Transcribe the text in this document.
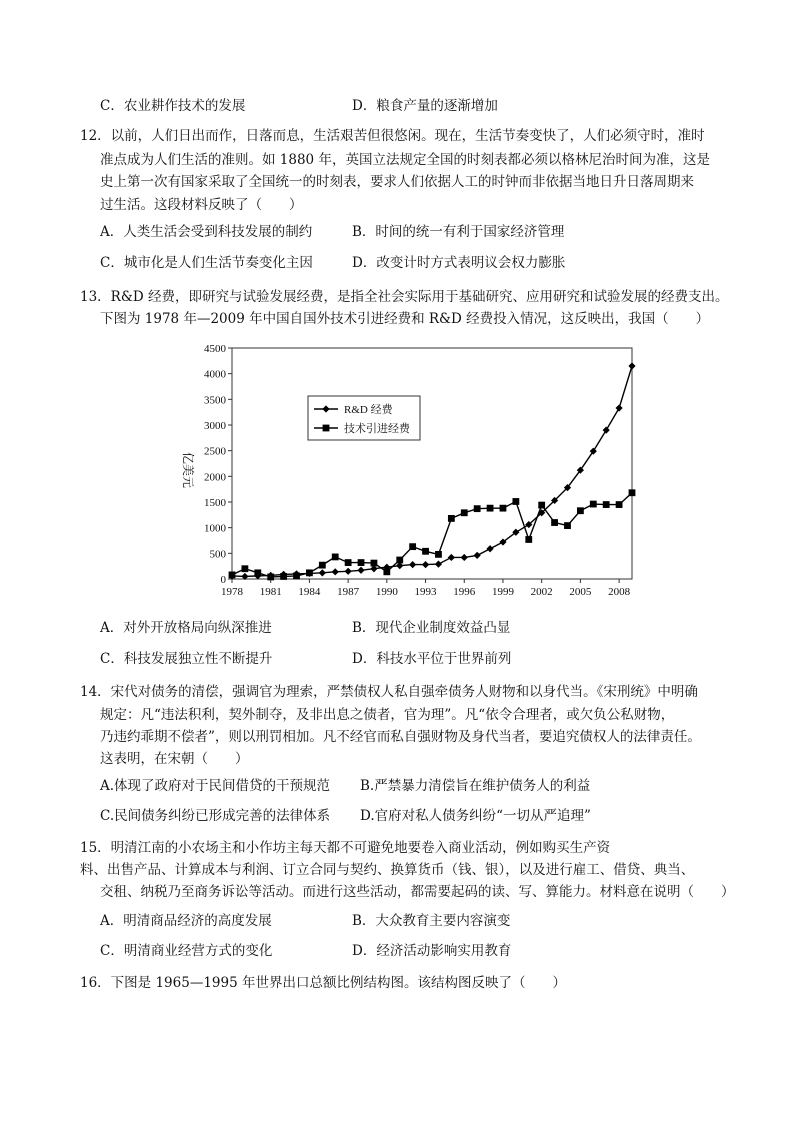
C．农业耕作技术的发展	D．粮食产量的逐渐增加
12．以前，人们日出而作，日落而息，生活艰苦但很悠闲。现在，生活节奏变快了，人们必须守时，准时
准点成为人们生活的准则。如 1880 年，英国立法规定全国的时刻表都必须以格林尼治时间为准，这是
史上第一次有国家采取了全国统一的时刻表，要求人们依据人工的时钟而非依据当地日升日落周期来
过生活。这段材料反映了（　　）
A．人类生活会受到科技发展的制约	B．时间的统一有利于国家经济管理
C．城市化是人们生活节奏变化主因	D．改变计时方式表明议会权力膨胀
13．R&D 经费，即研究与试验发展经费，是指全社会实际用于基础研究、应用研究和试验发展的经费支出。
下图为 1978 年—2009 年中国自国外技术引进经费和 R&D 经费投入情况，这反映出，我国（　　）
0
500
1000
1500
2000
2500
3000
3500
4000
4500
1978 1981 1984 1987 1990 1993 1996 1999 2002 2005 2008
R&D 经费
技术引进经费
亿美元
A．对外开放格局向纵深推进	B．现代企业制度效益凸显
C．科技发展独立性不断提升	D．科技水平位于世界前列
14．宋代对债务的清偿，强调官为理索，严禁债权人私自强牵债务人财物和以身代当。《宋刑统》中明确
规定：凡“违法积利，契外制夺，及非出息之债者，官为理”。凡“依令合理者，或欠负公私财物，
乃违约乖期不偿者”，则以刑罚相加。凡不经官而私自强财物及身代当者，要追究债权人的法律责任。
这表明，在宋朝（　　）
A.体现了政府对于民间借贷的干预规范 B.严禁暴力清偿旨在维护债务人的利益
C.民间债务纠纷已形成完善的法律体系 D.官府对私人债务纠纷“一切从严追理”
15．明清江南的小农场主和小作坊主每天都不可避免地要卷入商业活动，例如购买生产资
料、出售产品、计算成本与利润、订立合同与契约、换算货币（钱、银），以及进行雇工、借贷、典当、
交租、纳税乃至商务诉讼等活动。而进行这些活动，都需要起码的读、写、算能力。材料意在说明（　　）
A．明清商品经济的高度发展	B．大众教育主要内容演变
C．明清商业经营方式的变化	D．经济活动影响实用教育
16．下图是 1965—1995 年世界出口总额比例结构图。该结构图反映了（　　）
